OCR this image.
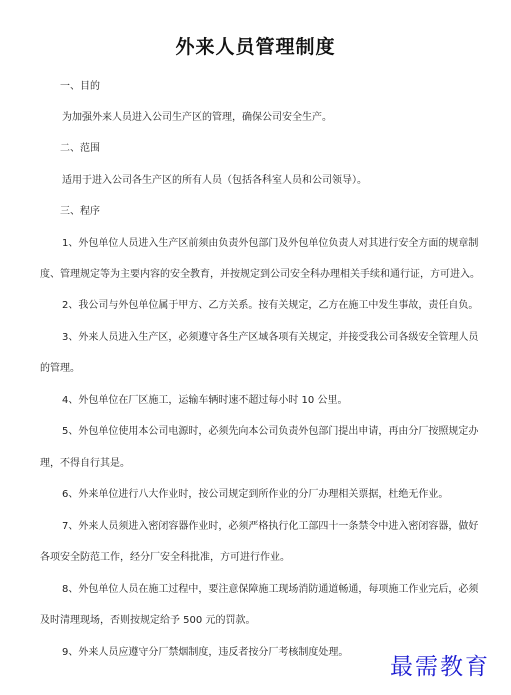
外来人员管理制度
一、目的
为加强外来人员进入公司生产区的管理，确保公司安全生产。
二、范围
适用于进入公司各生产区的所有人员（包括各科室人员和公司领导）。
三、程序
1、外包单位人员进入生产区前须由负责外包部门及外包单位负责人对其进行安全方面的规章制
度、管理规定等为主要内容的安全教育，并按规定到公司安全科办理相关手续和通行证，方可进入。
2、我公司与外包单位属于甲方、乙方关系。按有关规定，乙方在施工中发生事故，责任自负。
3、外来人员进入生产区，必须遵守各生产区域各项有关规定，并接受我公司各级安全管理人员
的管理。
4、外包单位在厂区施工，运输车辆时速不超过每小时 10 公里。
5、外包单位使用本公司电源时，必须先向本公司负责外包部门提出申请，再由分厂按照规定办
理，不得自行其是。
6、外来单位进行八大作业时，按公司规定到所作业的分厂办理相关票据，杜绝无作业。
7、外来人员须进入密闭容器作业时，必须严格执行化工部四十一条禁令中进入密闭容器，做好
各项安全防范工作，经分厂安全科批准，方可进行作业。
8、外包单位人员在施工过程中，要注意保障施工现场消防通道畅通，每项施工作业完后，必须
及时清理现场，否则按规定给予 500 元的罚款。
9、外来人员应遵守分厂禁烟制度，违反者按分厂考核制度处理。
最需教育
